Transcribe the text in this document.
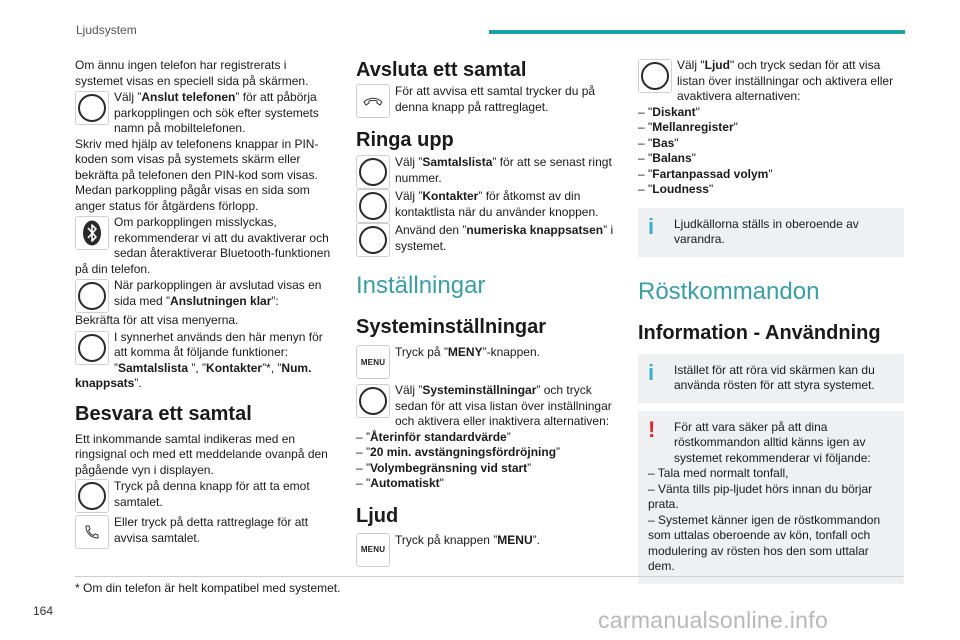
Ljudsystem

Om ännu ingen telefon har registrerats i systemet visas en speciell sida på skärmen.

Välj ”Anslut telefonen” för att påbörja parkopplingen och sök efter systemets namn på mobiltelefonen.

Skriv med hjälp av telefonens knappar in PIN-koden som visas på systemets skärm eller bekräfta på telefonen den PIN-kod som visas.

Medan parkoppling pågår visas en sida som anger status för åtgärdens förlopp.

Om parkopplingen misslyckas, rekommenderar vi att du avaktiverar och sedan återaktiverar Bluetooth-funktionen på din telefon.
När parkopplingen är avslutad visas en sida med ”Anslutningen klar”:

Bekräfta för att visa menyerna.

I synnerhet används den här menyn för att komma åt följande funktioner:
”Samtalslista ”, ”Kontakter”*, ”Num. knappsats”.
Besvara ett samtal

Ett inkommande samtal indikeras med en ringsignal och med ett meddelande ovanpå den pågående vyn i displayen.

Tryck på denna knapp för att ta emot samtalet.
Eller tryck på detta rattreglage för att avvisa samtalet.
Avsluta ett samtal
För att avvisa ett samtal trycker du på denna knapp på rattreglaget.
Ringa upp
Välj ”Samtalslista” för att se senast ringt nummer.
Välj ”Kontakter” för åtkomst av din kontaktlista när du använder knoppen.
Använd den ”numeriska knappsatsen” i systemet.
Inställningar
Systeminställningar
MENU
Tryck på ”MENY”-knappen.
Välj ”Systeminställningar” och tryck sedan för att visa listan över inställningar och aktivera eller inaktivera alternativen:
– ”Återinför standardvärde”
– ”20 min. avstängningsfördröjning”
– ”Volymbegränsning vid start”
– "Automatiskt"
Ljud
MENU
Tryck på knappen ”MENU”.
Välj "Ljud" och tryck sedan för att visa listan över inställningar och aktivera eller avaktivera alternativen:
– "Diskant"
– "Mellanregister"
– "Bas"
– "Balans"
– "Fartanpassad volym"
– "Loudness"
i	Ljudkällorna ställs in oberoende av varandra.
Röstkommandon
Information - Användning
i	Istället för att röra vid skärmen kan du använda rösten för att styra systemet.
!	För att vara säker på att dina röstkommandon alltid känns igen av systemet rekommenderar vi följande:
– Tala med normalt tonfall,
– Vänta tills pip-ljudet hörs innan du börjar prata.
– Systemet känner igen de röstkommandon som uttalas oberoende av kön, tonfall och modulering av rösten hos den som uttalar dem.
* Om din telefon är helt kompatibel med systemet.
164	carmanualsonline.info
